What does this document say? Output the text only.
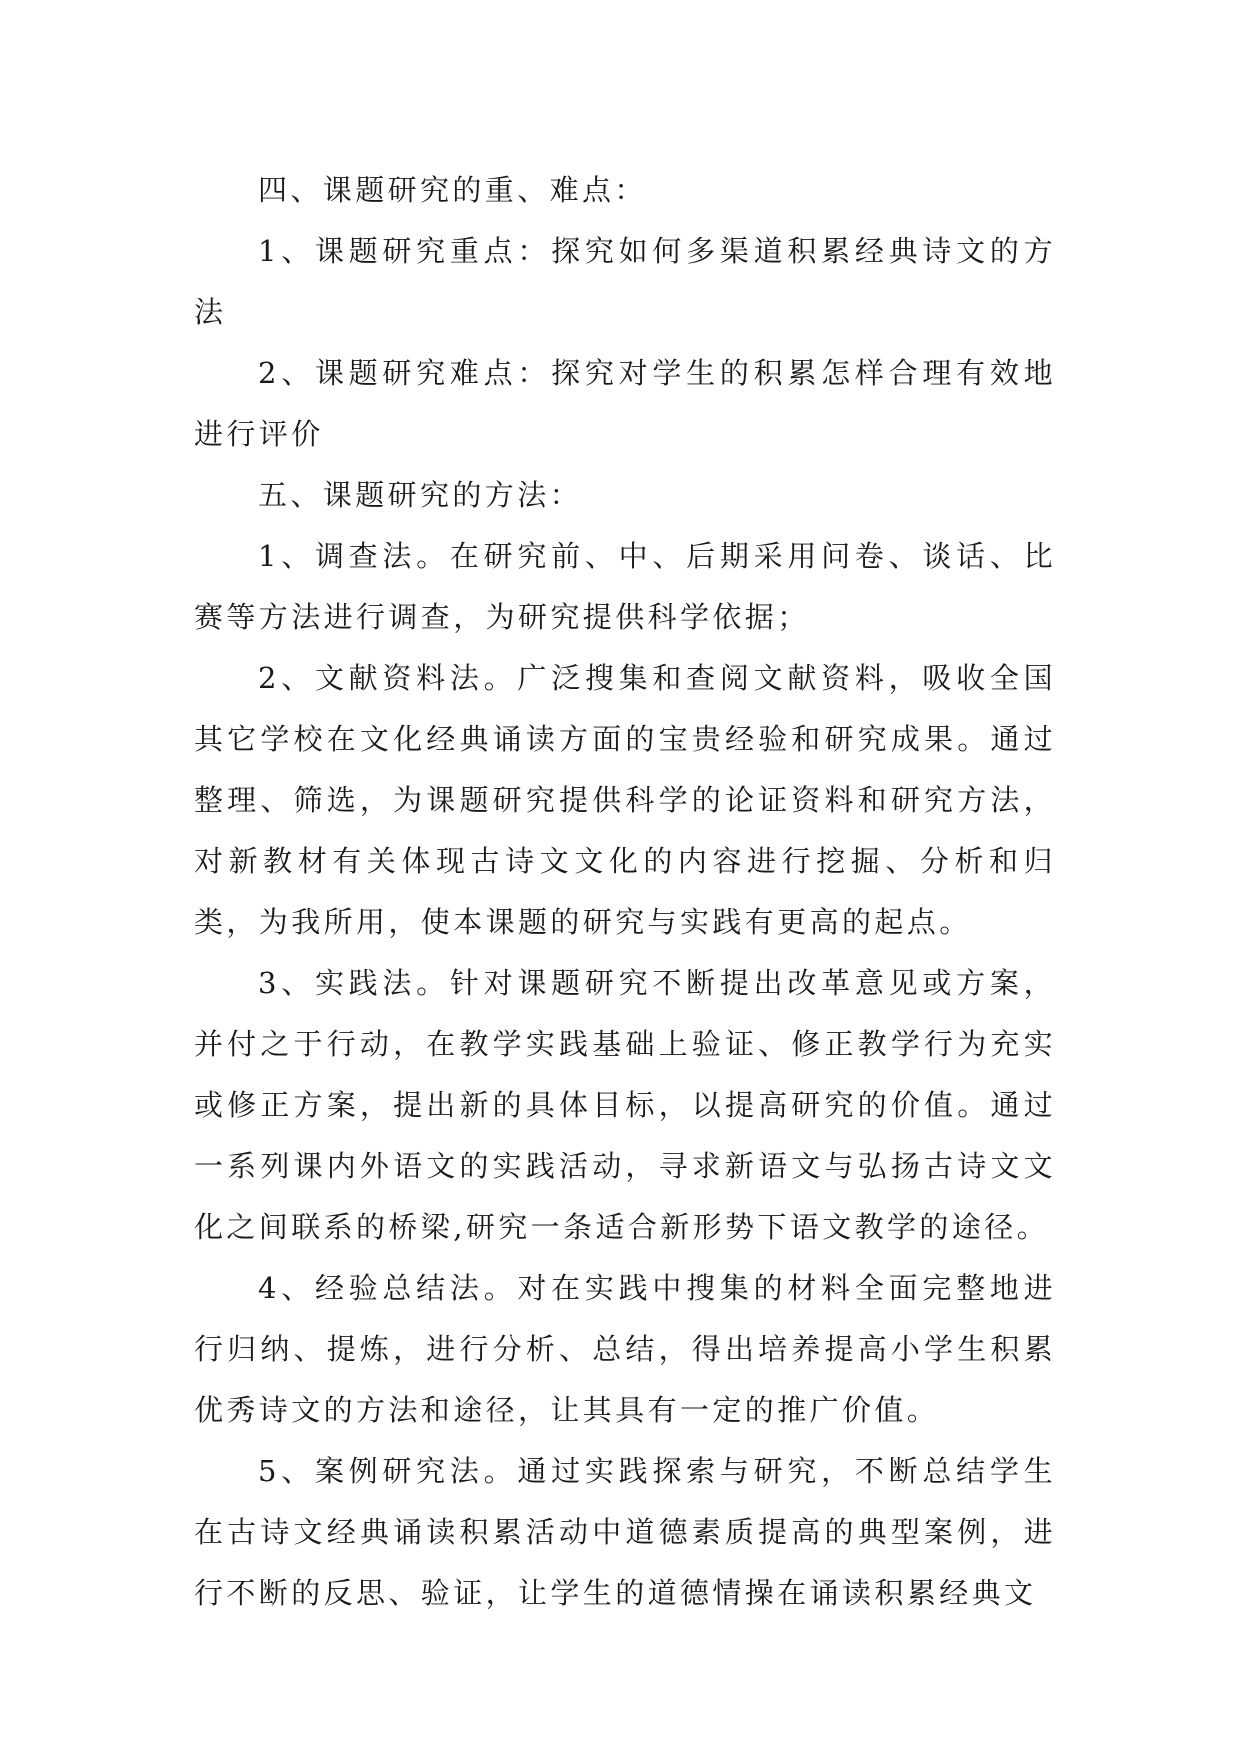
四、课题研究的重、难点：

1、课题研究重点：探究如何多渠道积累经典诗文的方法

2、课题研究难点：探究对学生的积累怎样合理有效地进行评价

五、课题研究的方法：

1、调查法。在研究前、中、后期采用问卷、谈话、比赛等方法进行调查，为研究提供科学依据；

2、文献资料法。广泛搜集和查阅文献资料，吸收全国其它学校在文化经典诵读方面的宝贵经验和研究成果。通过整理、筛选，为课题研究提供科学的论证资料和研究方法，对新教材有关体现古诗文文化的内容进行挖掘、分析和归类，为我所用，使本课题的研究与实践有更高的起点。

3、实践法。针对课题研究不断提出改革意见或方案，并付之于行动，在教学实践基础上验证、修正教学行为充实或修正方案，提出新的具体目标，以提高研究的价值。通过一系列课内外语文的实践活动，寻求新语文与弘扬古诗文文化之间联系的桥梁,研究一条适合新形势下语文教学的途径。

4、经验总结法。对在实践中搜集的材料全面完整地进行归纳、提炼，进行分析、总结，得出培养提高小学生积累优秀诗文的方法和途径，让其具有一定的推广价值。

5、案例研究法。通过实践探索与研究，不断总结学生在古诗文经典诵读积累活动中道德素质提高的典型案例，进行不断的反思、验证，让学生的道德情操在诵读积累经典文
